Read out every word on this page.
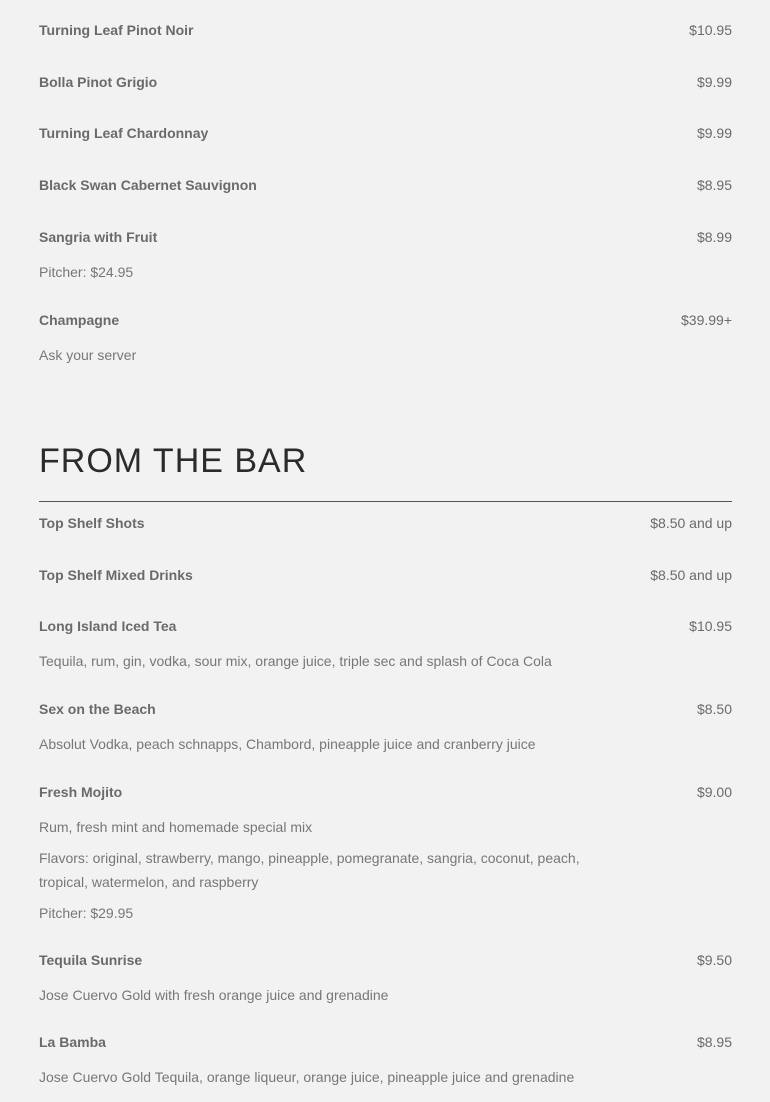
Turning Leaf Pinot Noir	$10.95
Bolla Pinot Grigio	$9.99
Turning Leaf Chardonnay	$9.99
Black Swan Cabernet Sauvignon	$8.95
Sangria with Fruit	$8.99
Pitcher: $24.95
Champagne	$39.99+
Ask your server
FROM THE BAR
Top Shelf Shots	$8.50 and up
Top Shelf Mixed Drinks	$8.50 and up
Long Island Iced Tea	$10.95
Tequila, rum, gin, vodka, sour mix, orange juice, triple sec and splash of Coca Cola
Sex on the Beach	$8.50
Absolut Vodka, peach schnapps, Chambord, pineapple juice and cranberry juice
Fresh Mojito	$9.00
Rum, fresh mint and homemade special mix
Flavors: original, strawberry, mango, pineapple, pomegranate, sangria, coconut, peach, tropical, watermelon, and raspberry
Pitcher: $29.95
Tequila Sunrise	$9.50
Jose Cuervo Gold with fresh orange juice and grenadine
La Bamba	$8.95
Jose Cuervo Gold Tequila, orange liqueur, orange juice, pineapple juice and grenadine
